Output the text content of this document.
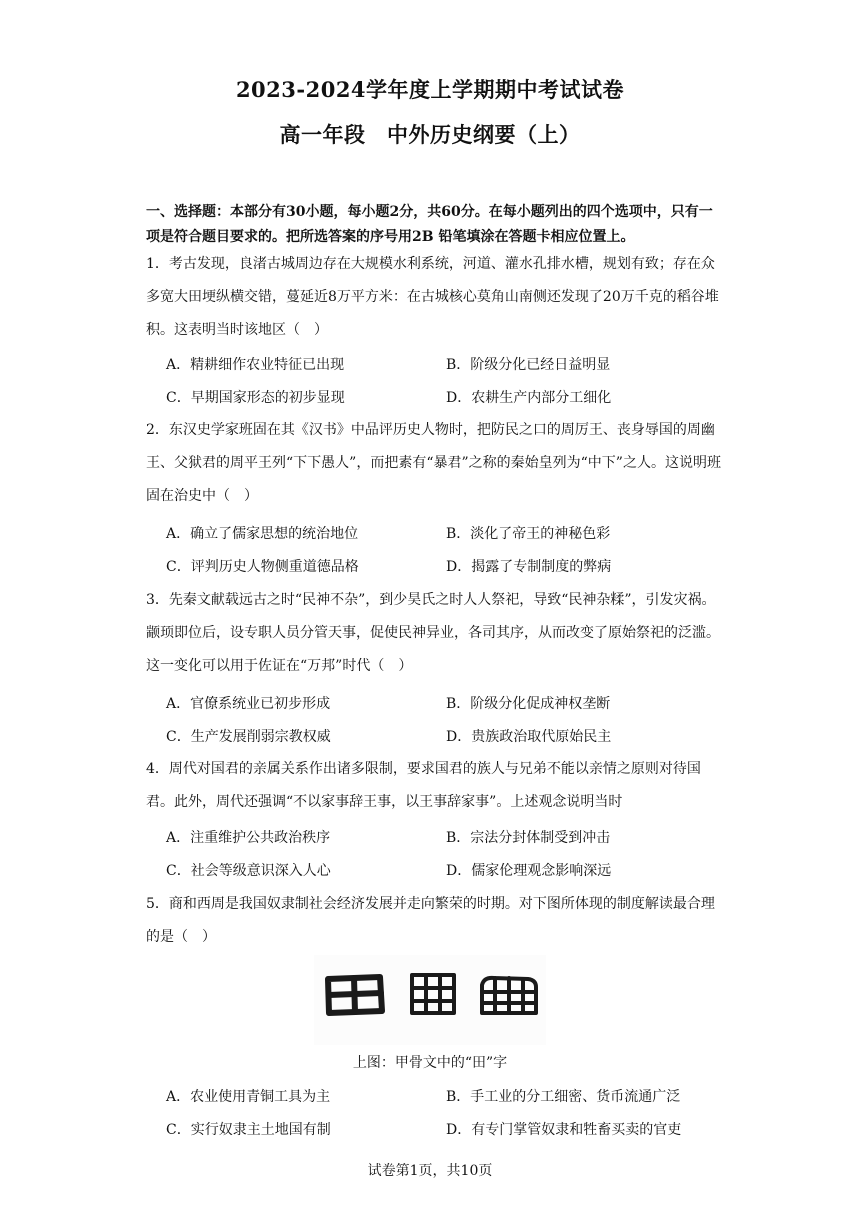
2023-2024学年度上学期期中考试试卷
高一年段　中外历史纲要（上）
一、选择题：本部分有30小题，每小题2分，共60分。在每小题列出的四个选项中，只有一项是符合题目要求的。把所选答案的序号用2B 铅笔填涂在答题卡相应位置上。
1．考古发现，良渚古城周边存在大规模水利系统，河道、灌水孔排水槽，规划有致；存在众多宽大田埂纵横交错，蔓延近8万平方米：在古城核心莫角山南侧还发现了20万千克的稻谷堆积。这表明当时该地区（　）
A．精耕细作农业特征已出现	B．阶级分化已经日益明显
C．早期国家形态的初步显现	D．农耕生产内部分工细化
2．东汉史学家班固在其《汉书》中品评历史人物时，把防民之口的周厉王、丧身辱国的周幽王、父狱君的周平王列“下下愚人”，而把素有“暴君”之称的秦始皇列为“中下”之人。这说明班固在治史中（　）
A．确立了儒家思想的统治地位	B．淡化了帝王的神秘色彩
C．评判历史人物侧重道德品格	D．揭露了专制制度的弊病
3．先秦文献载远古之时“民神不杂”，到少昊氏之时人人祭祀，导致“民神杂糅”，引发灾祸。颛顼即位后，设专职人员分管天事，促使民神异业，各司其序，从而改变了原始祭祀的泛滥。这一变化可以用于佐证在“万邦”时代（　）
A．官僚系统业已初步形成	B．阶级分化促成神权垄断
C．生产发展削弱宗教权威	D．贵族政治取代原始民主
4．周代对国君的亲属关系作出诸多限制，要求国君的族人与兄弟不能以亲情之原则对待国君。此外，周代还强调“不以家事辞王事，以王事辞家事”。上述观念说明当时
A．注重维护公共政治秩序	B．宗法分封体制受到冲击
C．社会等级意识深入人心	D．儒家伦理观念影响深远
5．商和西周是我国奴隶制社会经济发展并走向繁荣的时期。对下图所体现的制度解读最合理的是（　）
上图：甲骨文中的“田”字
A．农业使用青铜工具为主	B．手工业的分工细密、货币流通广泛
C．实行奴隶主土地国有制	D．有专门掌管奴隶和牲畜买卖的官吏
试卷第1页，共10页
